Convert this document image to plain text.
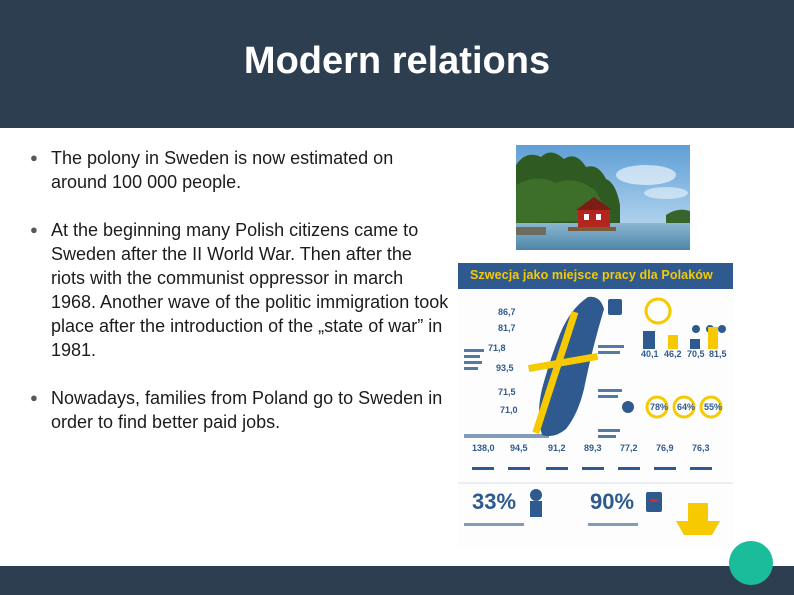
Modern relations
● The polony in Sweden is now estimated on around 100 000 people.
● At the beginning many Polish citizens came to Sweden after the II World War. Then after the riots with the communist oppressor in march 1968. Another wave of the politic immigration took place after the introduction of the „state of war” in 1981.
● Nowadays, families from Poland go to Sweden in order to find better paid jobs.
Szwecja jako miejsce pracy dla Polaków
86,7
81,7
71,8
93,5
71,5
71,0
40,1 46,2 70,5 81,5
78% 64% 55%
138,0 94,5 91,2 89,3 77,2 76,9 76,3
33%	90%
